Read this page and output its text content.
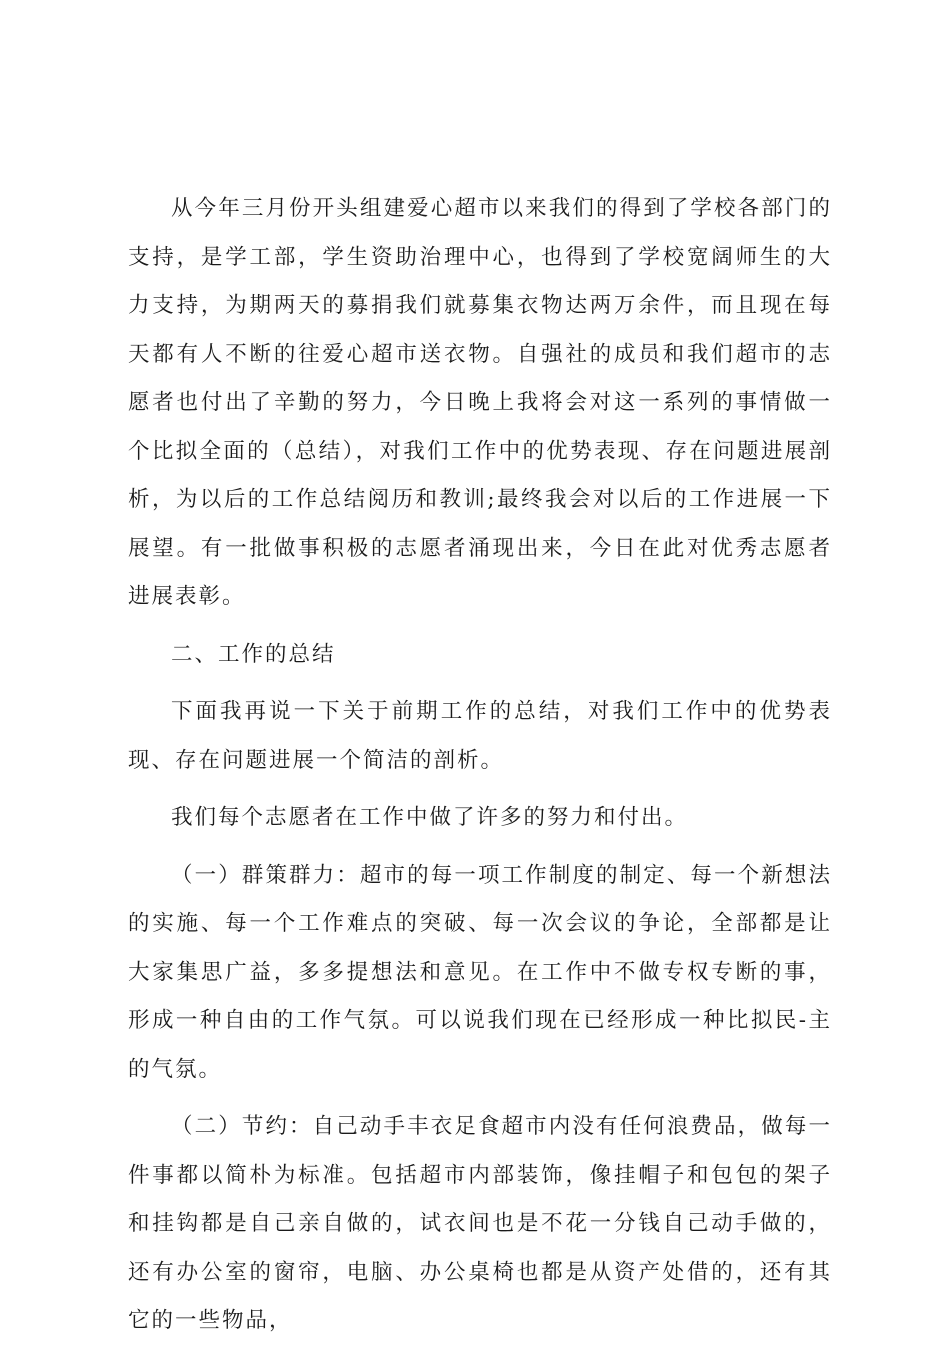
从今年三月份开头组建爱心超市以来我们的得到了学校各部门的支持，是学工部，学生资助治理中心，也得到了学校宽阔师生的大力支持，为期两天的募捐我们就募集衣物达两万余件，而且现在每天都有人不断的往爱心超市送衣物。自强社的成员和我们超市的志愿者也付出了辛勤的努力，今日晚上我将会对这一系列的事情做一个比拟全面的（总结），对我们工作中的优势表现、存在问题进展剖析，为以后的工作总结阅历和教训;最终我会对以后的工作进展一下展望。有一批做事积极的志愿者涌现出来，今日在此对优秀志愿者进展表彰。

二、工作的总结

下面我再说一下关于前期工作的总结，对我们工作中的优势表现、存在问题进展一个简洁的剖析。

我们每个志愿者在工作中做了许多的努力和付出。

（一）群策群力：超市的每一项工作制度的制定、每一个新想法的实施、每一个工作难点的突破、每一次会议的争论，全部都是让大家集思广益，多多提想法和意见。在工作中不做专权专断的事，形成一种自由的工作气氛。可以说我们现在已经形成一种比拟民-主的气氛。

（二）节约：自己动手丰衣足食超市内没有任何浪费品，做每一件事都以简朴为标准。包括超市内部装饰，像挂帽子和包包的架子和挂钩都是自己亲自做的，试衣间也是不花一分钱自己动手做的，还有办公室的窗帘，电脑、办公桌椅也都是从资产处借的，还有其它的一些物品，
